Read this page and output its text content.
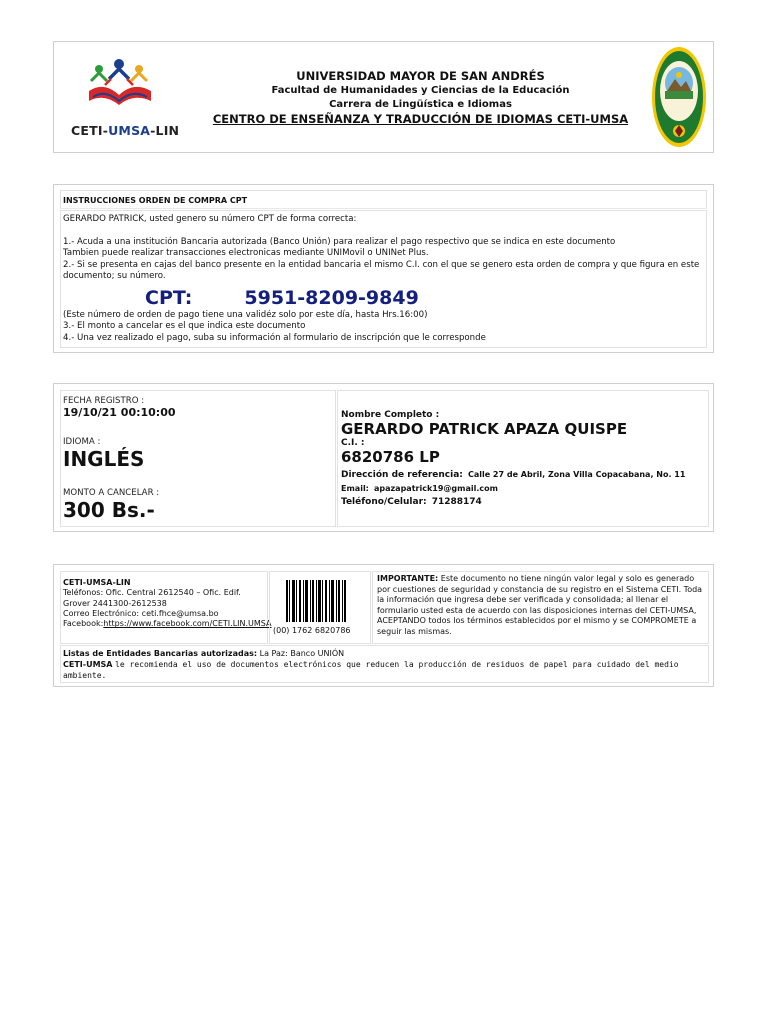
CETI-UMSA-LIN
UNIVERSIDAD MAYOR DE SAN ANDRÉS
Facultad de Humanidades y Ciencias de la Educación
Carrera de Lingüística e Idiomas
CENTRO DE ENSEÑANZA Y TRADUCCIÓN DE IDIOMAS CETI-UMSA
INSTRUCCIONES ORDEN DE COMPRA CPT
GERARDO PATRICK, usted genero su número CPT de forma correcta:
1.- Acuda a una institución Bancaria autorizada (Banco Unión) para realizar el pago respectivo que se indica en este documento
Tambien puede realizar transacciones electronicas mediante UNIMovil o UNINet Plus.
2.- Si se presenta en cajas del banco presente en la entidad bancaria el mismo C.I. con el que se genero esta orden de compra y que figura en este documento; su número.
CPT:	5951-8209-9849
(Este número de orden de pago tiene una validéz solo por este día, hasta Hrs.16:00)
3.- El monto a cancelar es el que indica este documento
4.- Una vez realizado el pago, suba su información al formulario de inscripción que le corresponde
FECHA REGISTRO :
19/10/21 00:10:00
IDIOMA :
INGLÉS
MONTO A CANCELAR :
300 Bs.-
Nombre Completo :
GERARDO PATRICK APAZA QUISPE
C.I. :
6820786 LP
Dirección de referencia: Calle 27 de Abril, Zona Villa Copacabana, No. 11
Email: apazapatrick19@gmail.com
Teléfono/Celular: 71288174
CETI-UMSA-LIN
Teléfonos: Ofic. Central 2612540 – Ofic. Edif. Grover 2441300-2612538
Correo Electrónico: ceti.fhce@umsa.bo
Facebook:https://www.facebook.com/CETI.LIN.UMSA
(00) 1762 6820786
IMPORTANTE: Este documento no tiene ningún valor legal y solo es generado por cuestiones de seguridad y constancia de su registro en el Sistema CETI. Toda la información que ingresa debe ser verificada y consolidada; al llenar el formulario usted esta de acuerdo con las disposiciones internas del CETI-UMSA, ACEPTANDO todos los términos establecidos por el mismo y se COMPROMETE a seguir las mismas.
Listas de Entidades Bancarias autorizadas: La Paz: Banco UNIÓN
CETI-UMSA le recomienda el uso de documentos electrónicos que reducen la producción de residuos de papel para cuidado del medio ambiente.
